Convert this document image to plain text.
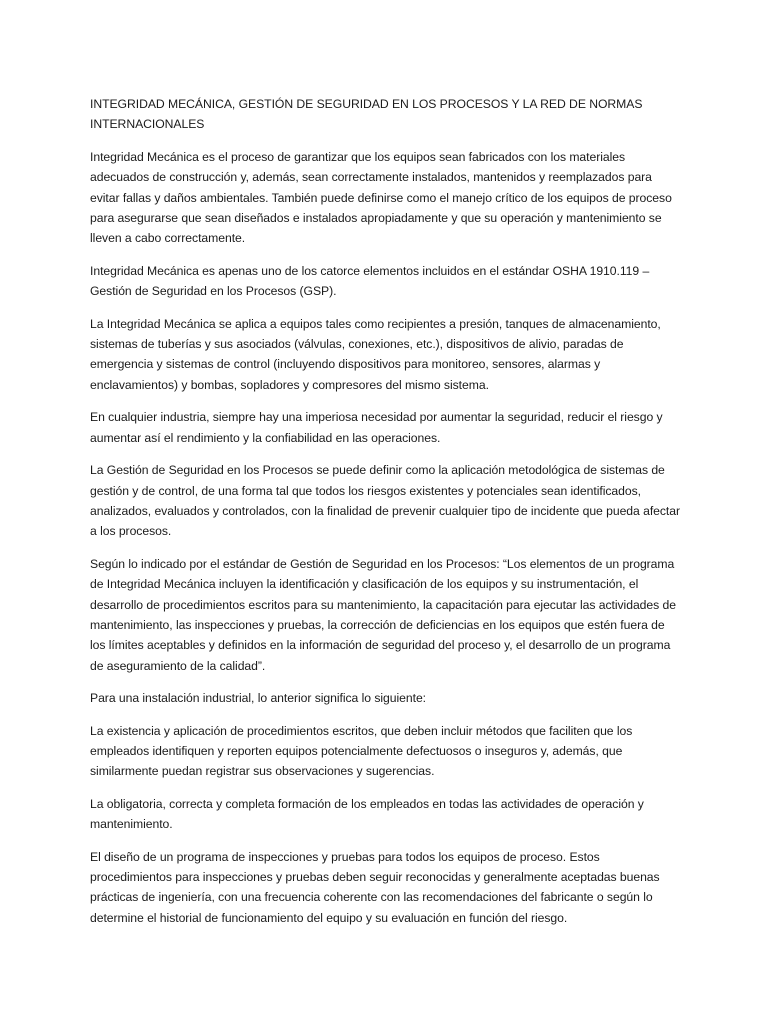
INTEGRIDAD MECÁNICA, GESTIÓN DE SEGURIDAD EN LOS PROCESOS Y LA RED DE NORMAS INTERNACIONALES

Integridad Mecánica es el proceso de garantizar que los equipos sean fabricados con los materiales adecuados de construcción y, además, sean correctamente instalados, mantenidos y reemplazados para evitar fallas y daños ambientales. También puede definirse como el manejo crítico de los equipos de proceso para asegurarse que sean diseñados e instalados apropiadamente y que su operación y mantenimiento se lleven a cabo correctamente.

Integridad Mecánica es apenas uno de los catorce elementos incluidos en el estándar OSHA 1910.119 – Gestión de Seguridad en los Procesos (GSP).

La Integridad Mecánica se aplica a equipos tales como recipientes a presión, tanques de almacenamiento, sistemas de tuberías y sus asociados (válvulas, conexiones, etc.), dispositivos de alivio, paradas de emergencia y sistemas de control (incluyendo dispositivos para monitoreo, sensores, alarmas y enclavamientos) y bombas, sopladores y compresores del mismo sistema.

En cualquier industria, siempre hay una imperiosa necesidad por aumentar la seguridad, reducir el riesgo y aumentar así el rendimiento y la confiabilidad en las operaciones.

La Gestión de Seguridad en los Procesos se puede definir como la aplicación metodológica de sistemas de gestión y de control, de una forma tal que todos los riesgos existentes y potenciales sean identificados, analizados, evaluados y controlados, con la finalidad de prevenir cualquier tipo de incidente que pueda afectar a los procesos.

Según lo indicado por el estándar de Gestión de Seguridad en los Procesos: “Los elementos de un programa de Integridad Mecánica incluyen la identificación y clasificación de los equipos y su instrumentación, el desarrollo de procedimientos escritos para su mantenimiento, la capacitación para ejecutar las actividades de mantenimiento, las inspecciones y pruebas, la corrección de deficiencias en los equipos que estén fuera de los límites aceptables y definidos en la información de seguridad del proceso y, el desarrollo de un programa de aseguramiento de la calidad”.

Para una instalación industrial, lo anterior significa lo siguiente:

La existencia y aplicación de procedimientos escritos, que deben incluir métodos que faciliten que los empleados identifiquen y reporten equipos potencialmente defectuosos o inseguros y, además, que similarmente puedan registrar sus observaciones y sugerencias.

La obligatoria, correcta y completa formación de los empleados en todas las actividades de operación y mantenimiento.

El diseño de un programa de inspecciones y pruebas para todos los equipos de proceso. Estos procedimientos para inspecciones y pruebas deben seguir reconocidas y generalmente aceptadas buenas prácticas de ingeniería, con una frecuencia coherente con las recomendaciones del fabricante o según lo determine el historial de funcionamiento del equipo y su evaluación en función del riesgo.
